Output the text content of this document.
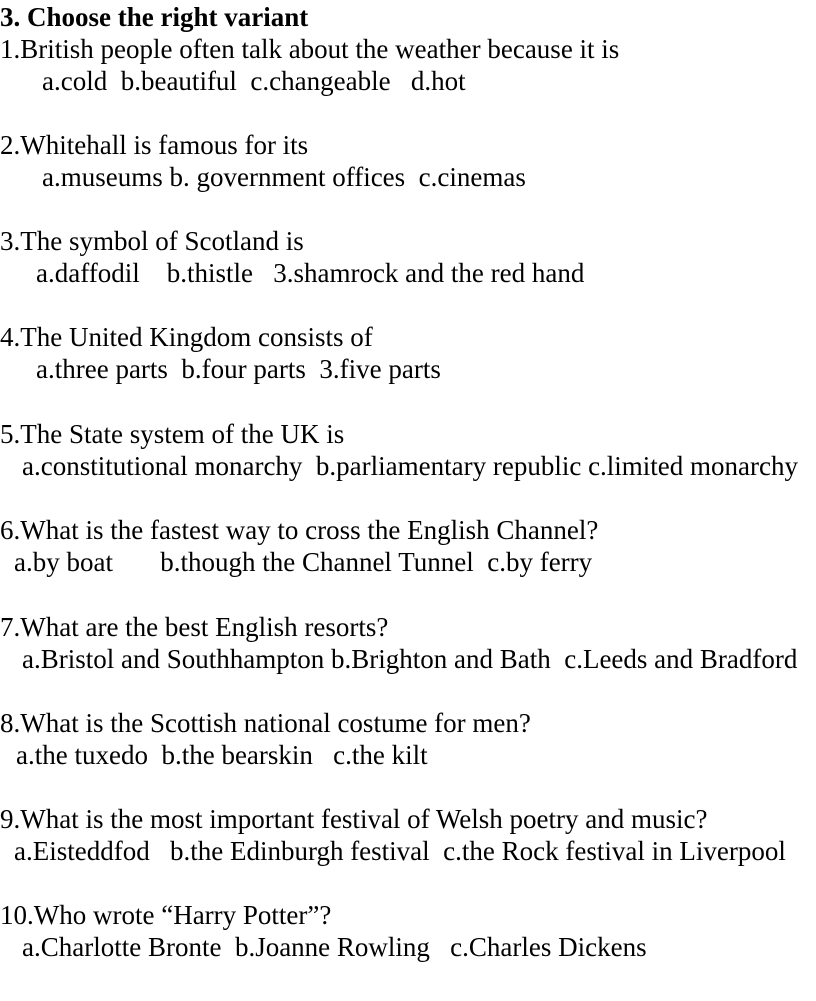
3. Choose the right variant
1.British people often talk about the weather because it is
a.cold  b.beautiful  c.changeable   d.hot
2.Whitehall is famous for its
a.museums b. government offices  c.cinemas
3.The symbol of Scotland is
a.daffodil    b.thistle   3.shamrock and the red hand
4.The United Kingdom consists of
a.three parts  b.four parts  3.five parts
5.The State system of the UK is
a.constitutional monarchy  b.parliamentary republic c.limited monarchy
6.What is the fastest way to cross the English Channel?
a.by boat       b.though the Channel Tunnel  c.by ferry
7.What are the best English resorts?
a.Bristol and Southhampton b.Brighton and Bath  c.Leeds and Bradford
8.What is the Scottish national costume for men?
a.the tuxedo  b.the bearskin   c.the kilt
9.What is the most important festival of Welsh poetry and music?
a.Eisteddfod   b.the Edinburgh festival  c.the Rock festival in Liverpool
10.Who wrote “Harry Potter”?
a.Charlotte Bronte  b.Joanne Rowling   c.Charles Dickens
